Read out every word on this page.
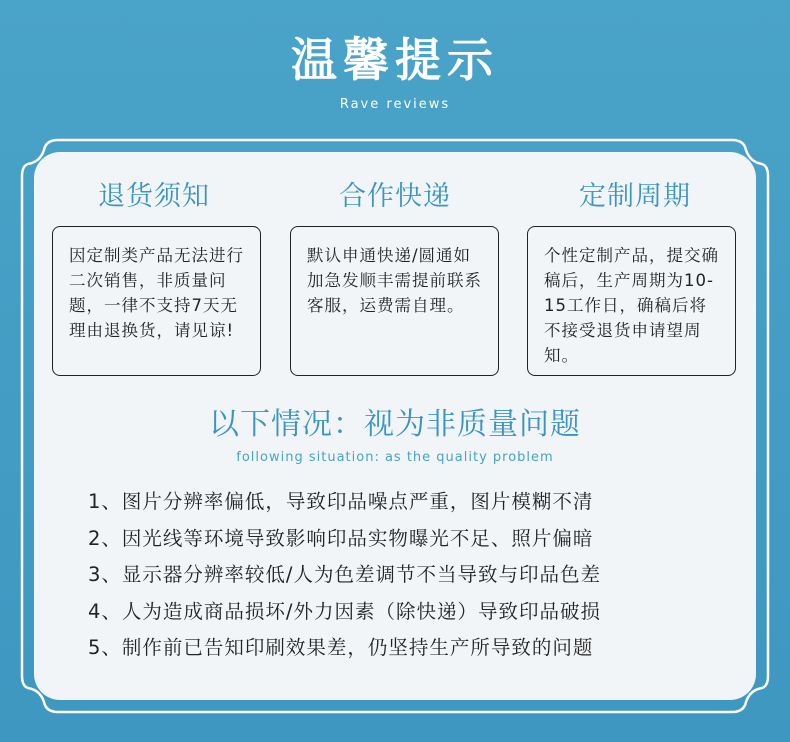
温馨提示
Rave reviews
退货须知	合作快递	定制周期
因定制类产品无法进行二次销售，非质量问题，一律不支持7天无理由退换货，请见谅!
默认申通快递/圆通如加急发顺丰需提前联系客服，运费需自理。
个性定制产品，提交确稿后，生产周期为10-15工作日，确稿后将不接受退货申请望周知。
以下情况：视为非质量问题
following situation: as the quality problem
1、图片分辨率偏低，导致印品噪点严重，图片模糊不清
2、因光线等环境导致影响印品实物曝光不足、照片偏暗
3、显示器分辨率较低/人为色差调节不当导致与印品色差
4、人为造成商品损坏/外力因素（除快递）导致印品破损
5、制作前已告知印刷效果差，仍坚持生产所导致的问题
